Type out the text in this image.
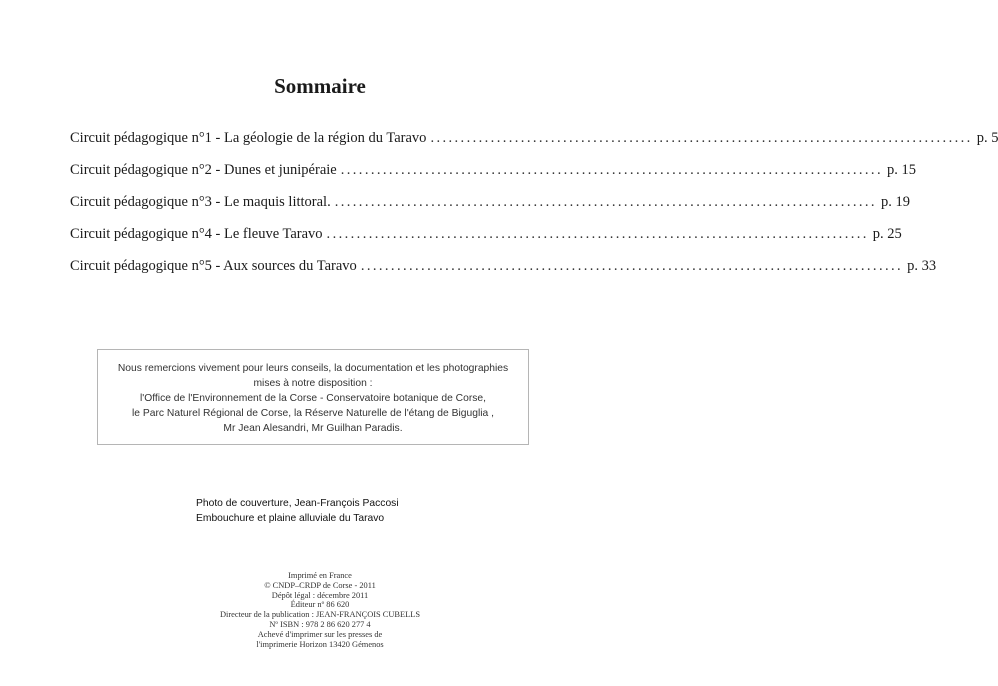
Sommaire
Circuit pédagogique n°1 - La géologie de la région du Taravo .......................................................................................... p. 5
Circuit pédagogique n°2 - Dunes et junipéraie .......................................................................................... p. 15
Circuit pédagogique n°3 - Le maquis littoral. .......................................................................................... p. 19
Circuit pédagogique n°4 - Le fleuve Taravo .......................................................................................... p. 25
Circuit pédagogique n°5 - Aux sources du Taravo .......................................................................................... p. 33
Nous remercions vivement pour leurs conseils, la documentation et les photographies
mises à notre disposition :
l'Office de l'Environnement de la Corse - Conservatoire botanique de Corse,
le Parc Naturel Régional de Corse, la Réserve Naturelle de l'étang de Biguglia ,
Mr Jean Alesandri, Mr Guilhan Paradis.
Photo de couverture, Jean-François Paccosi
Embouchure et plaine alluviale du Taravo
Imprimé en France
© CNDP–CRDP de Corse - 2011
Dépôt légal : décembre 2011
Éditeur nº 86 620
Directeur de la publication : JEAN-FRANÇOIS CUBELLS
Nº ISBN : 978 2 86 620 277 4
Achevé d'imprimer sur les presses de
l'imprimerie Horizon 13420 Gémenos
